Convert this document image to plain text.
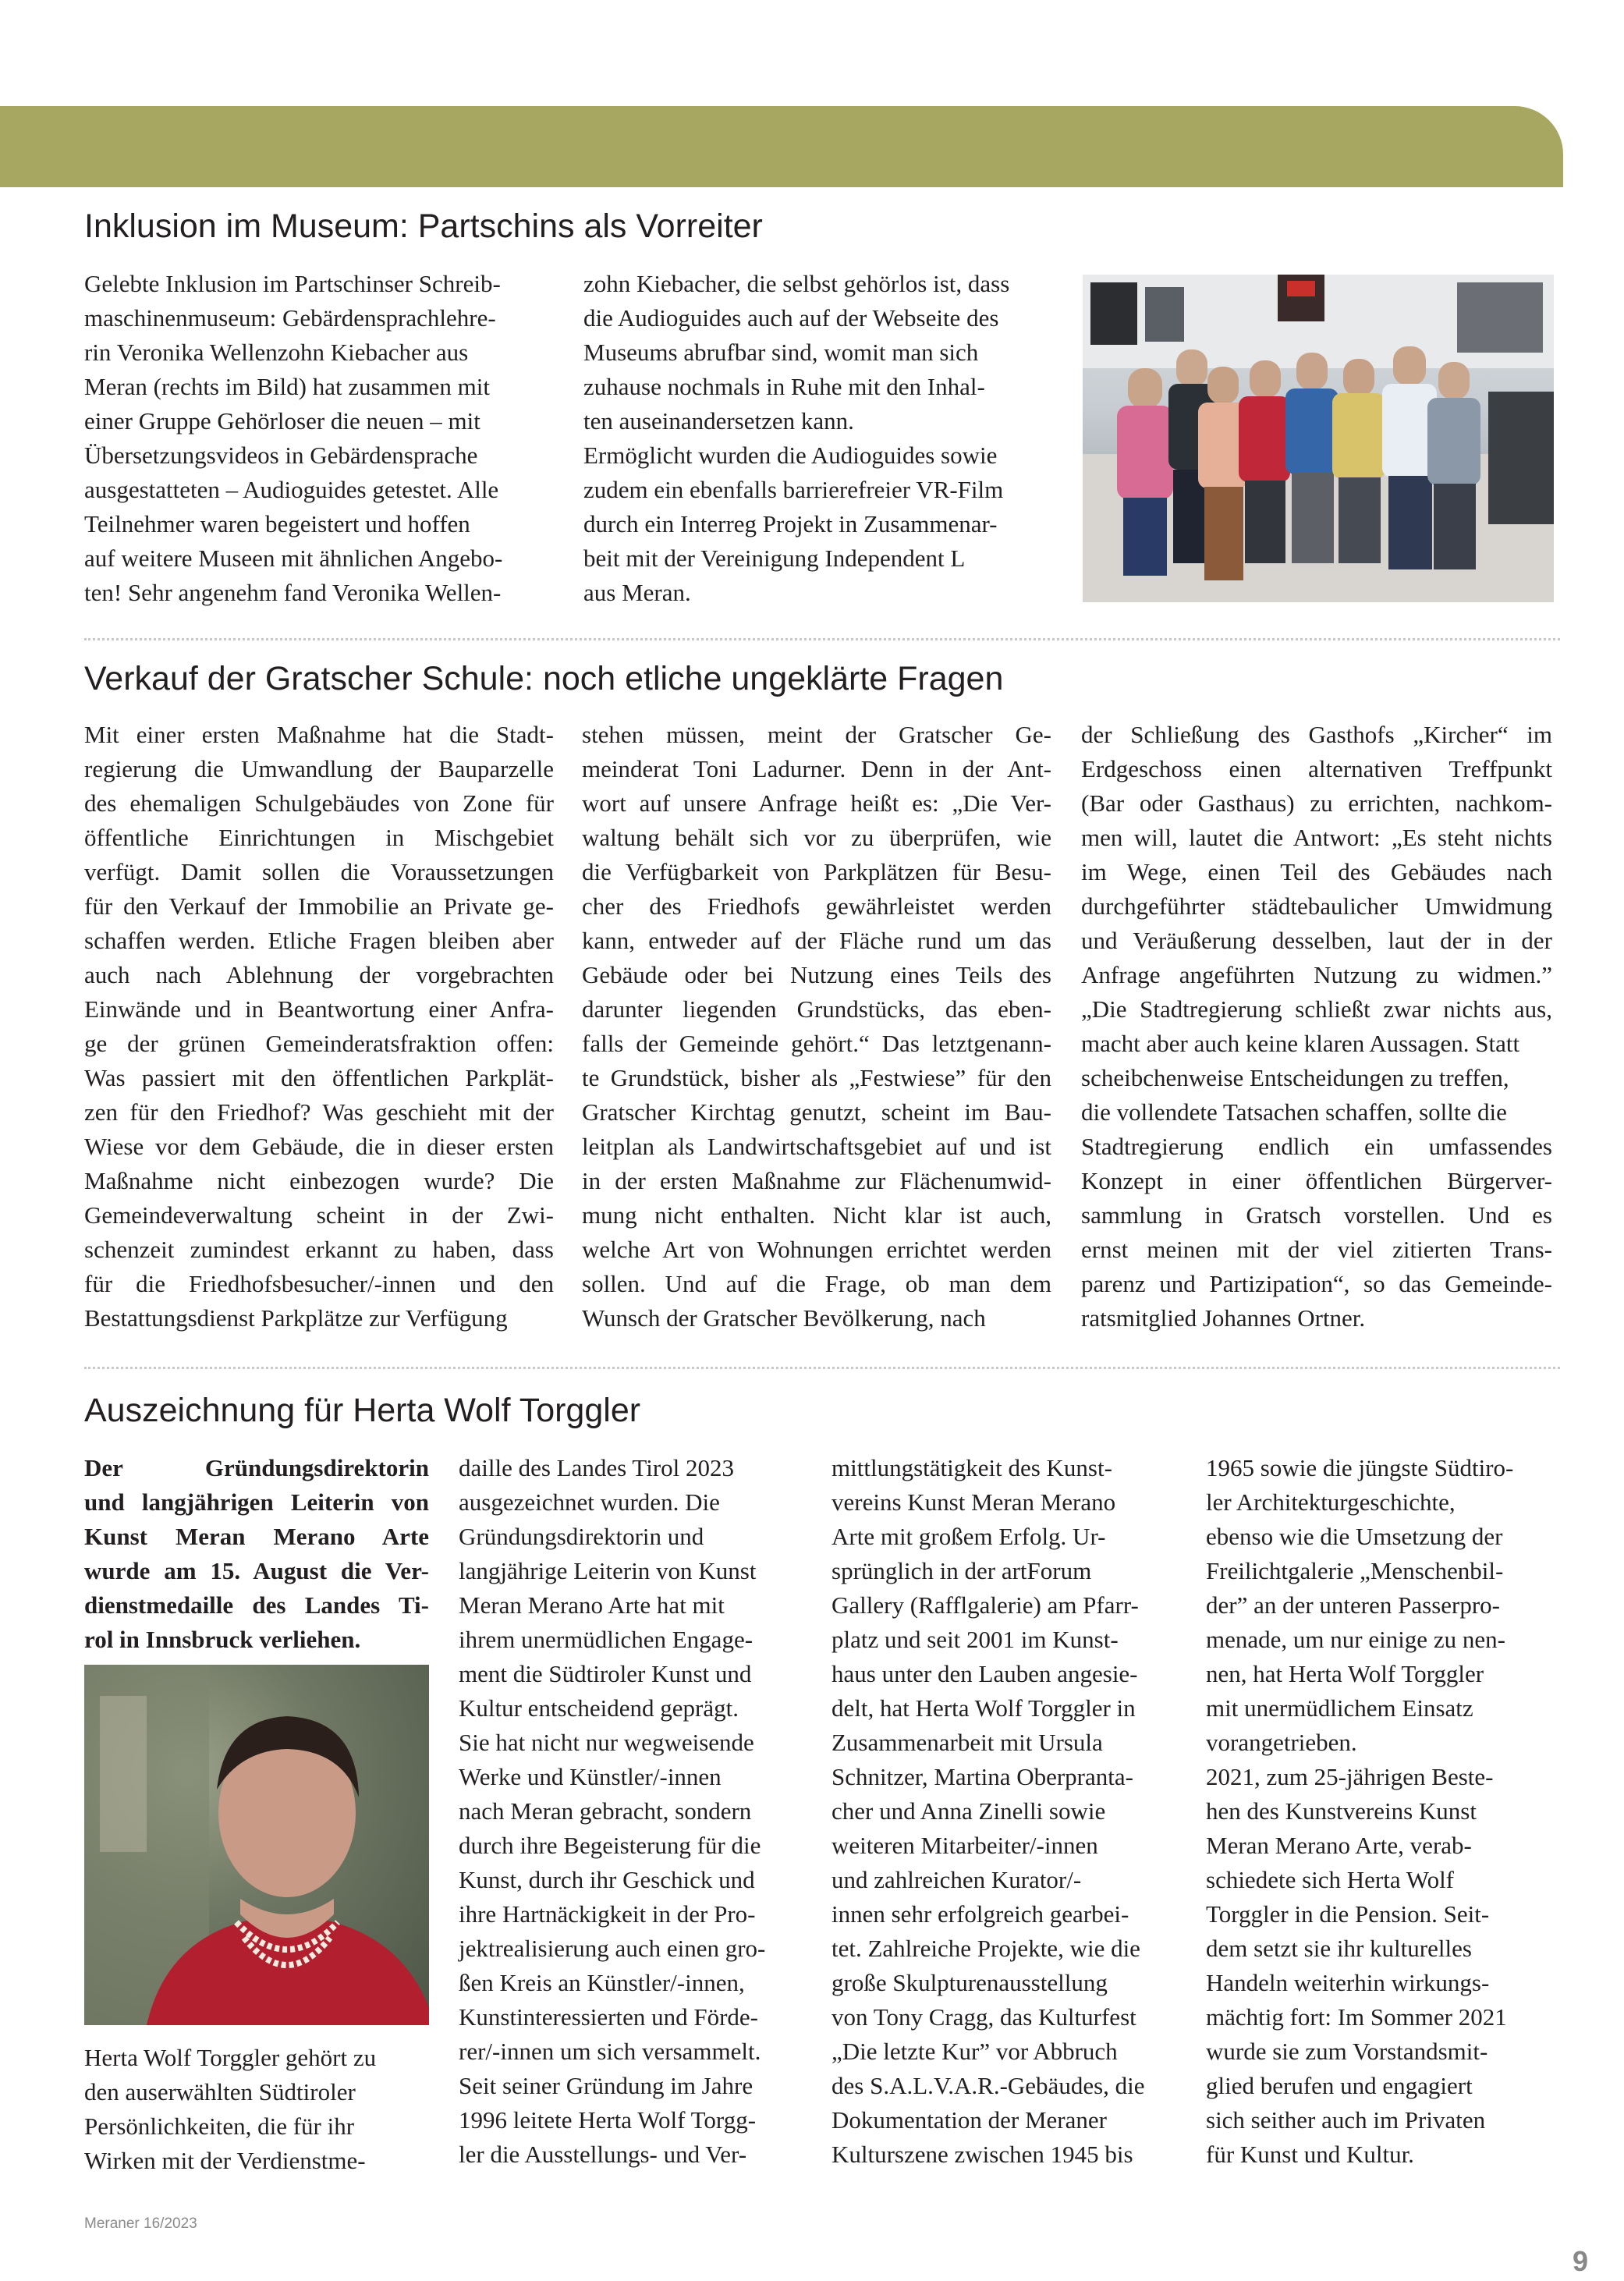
Inklusion im Museum: Partschins als Vorreiter
Gelebte Inklusion im Partschinser Schreib-
maschinenmuseum: Gebärdensprachlehre-
rin Veronika Wellenzohn Kiebacher aus
Meran (rechts im Bild) hat zusammen mit
einer Gruppe Gehörloser die neuen – mit
Übersetzungsvideos in Gebärdensprache
ausgestatteten – Audioguides getestet. Alle
Teilnehmer waren begeistert und hoffen
auf weitere Museen mit ähnlichen Angebo-
ten! Sehr angenehm fand Veronika Wellen-
zohn Kiebacher, die selbst gehörlos ist, dass
die Audioguides auch auf der Webseite des
Museums abrufbar sind, womit man sich
zuhause nochmals in Ruhe mit den Inhal-
ten auseinandersetzen kann.
Ermöglicht wurden die Audioguides sowie
zudem ein ebenfalls barrierefreier VR-Film
durch ein Interreg Projekt in Zusammenar-
beit mit der Vereinigung Independent L
aus Meran.
Verkauf der Gratscher Schule: noch etliche ungeklärte Fragen
Mit einer ersten Maßnahme hat die Stadt-
regierung die Umwandlung der Bauparzelle
des ehemaligen Schulgebäudes von Zone für
öffentliche Einrichtungen in Mischgebiet
verfügt. Damit sollen die Voraussetzungen
für den Verkauf der Immobilie an Private ge-
schaffen werden. Etliche Fragen bleiben aber
auch nach Ablehnung der vorgebrachten
Einwände und in Beantwortung einer Anfra-
ge der grünen Gemeinderatsfraktion offen:
Was passiert mit den öffentlichen Parkplät-
zen für den Friedhof? Was geschieht mit der
Wiese vor dem Gebäude, die in dieser ersten
Maßnahme nicht einbezogen wurde? Die
Gemeindeverwaltung scheint in der Zwi-
schenzeit zumindest erkannt zu haben, dass
für die Friedhofsbesucher/-innen und den
Bestattungsdienst Parkplätze zur Verfügung
stehen müssen, meint der Gratscher Ge-
meinderat Toni Ladurner. Denn in der Ant-
wort auf unsere Anfrage heißt es: „Die Ver-
waltung behält sich vor zu überprüfen, wie
die Verfügbarkeit von Parkplätzen für Besu-
cher des Friedhofs gewährleistet werden
kann, entweder auf der Fläche rund um das
Gebäude oder bei Nutzung eines Teils des
darunter liegenden Grundstücks, das eben-
falls der Gemeinde gehört.“ Das letztgenann-
te Grundstück, bisher als „Festwiese” für den
Gratscher Kirchtag genutzt, scheint im Bau-
leitplan als Landwirtschaftsgebiet auf und ist
in der ersten Maßnahme zur Flächenumwid-
mung nicht enthalten. Nicht klar ist auch,
welche Art von Wohnungen errichtet werden
sollen. Und auf die Frage, ob man dem
Wunsch der Gratscher Bevölkerung, nach
der Schließung des Gasthofs „Kircher“ im
Erdgeschoss einen alternativen Treffpunkt
(Bar oder Gasthaus) zu errichten, nachkom-
men will, lautet die Antwort: „Es steht nichts
im Wege, einen Teil des Gebäudes nach
durchgeführter städtebaulicher Umwidmung
und Veräußerung desselben, laut der in der
Anfrage angeführten Nutzung zu widmen.”
„Die Stadtregierung schließt zwar nichts aus,
macht aber auch keine klaren Aussagen. Statt
scheibchenweise Entscheidungen zu treffen,
die vollendete Tatsachen schaffen, sollte die
Stadtregierung endlich ein umfassendes
Konzept in einer öffentlichen Bürgerver-
sammlung in Gratsch vorstellen. Und es
ernst meinen mit der viel zitierten Trans-
parenz und Partizipation“, so das Gemeinde-
ratsmitglied Johannes Ortner.
Auszeichnung für Herta Wolf Torggler
Der Gründungsdirektorin
und langjährigen Leiterin von
Kunst Meran Merano Arte
wurde am 15. August die Ver-
dienstmedaille des Landes Ti-
rol in Innsbruck verliehen.
Herta Wolf Torggler gehört zu
den auserwählten Südtiroler
Persönlichkeiten, die für ihr
Wirken mit der Verdienstme-
daille des Landes Tirol 2023
ausgezeichnet wurden. Die
Gründungsdirektorin und
langjährige Leiterin von Kunst
Meran Merano Arte hat mit
ihrem unermüdlichen Engage-
ment die Südtiroler Kunst und
Kultur entscheidend geprägt.
Sie hat nicht nur wegweisende
Werke und Künstler/-innen
nach Meran gebracht, sondern
durch ihre Begeisterung für die
Kunst, durch ihr Geschick und
ihre Hartnäckigkeit in der Pro-
jektrealisierung auch einen gro-
ßen Kreis an Künstler/-innen,
Kunstinteressierten und Förde-
rer/-innen um sich versammelt.
Seit seiner Gründung im Jahre
1996 leitete Herta Wolf Torgg-
ler die Ausstellungs- und Ver-
mittlungstätigkeit des Kunst-
vereins Kunst Meran Merano
Arte mit großem Erfolg. Ur-
sprünglich in der artForum
Gallery (Rafflgalerie) am Pfarr-
platz und seit 2001 im Kunst-
haus unter den Lauben angesie-
delt, hat Herta Wolf Torggler in
Zusammenarbeit mit Ursula
Schnitzer, Martina Oberpranta-
cher und Anna Zinelli sowie
weiteren Mitarbeiter/-innen
und zahlreichen Kurator/-
innen sehr erfolgreich gearbei-
tet. Zahlreiche Projekte, wie die
große Skulpturenausstellung
von Tony Cragg, das Kulturfest
„Die letzte Kur” vor Abbruch
des S.A.L.V.A.R.-Gebäudes, die
Dokumentation der Meraner
Kulturszene zwischen 1945 bis
1965 sowie die jüngste Südtiro-
ler Architekturgeschichte,
ebenso wie die Umsetzung der
Freilichtgalerie „Menschenbil-
der” an der unteren Passerpro-
menade, um nur einige zu nen-
nen, hat Herta Wolf Torggler
mit unermüdlichem Einsatz
vorangetrieben.
2021, zum 25-jährigen Beste-
hen des Kunstvereins Kunst
Meran Merano Arte, verab-
schiedete sich Herta Wolf
Torggler in die Pension. Seit-
dem setzt sie ihr kulturelles
Handeln weiterhin wirkungs-
mächtig fort: Im Sommer 2021
wurde sie zum Vorstandsmit-
glied berufen und engagiert
sich seither auch im Privaten
für Kunst und Kultur.
Meraner 16/2023
9
